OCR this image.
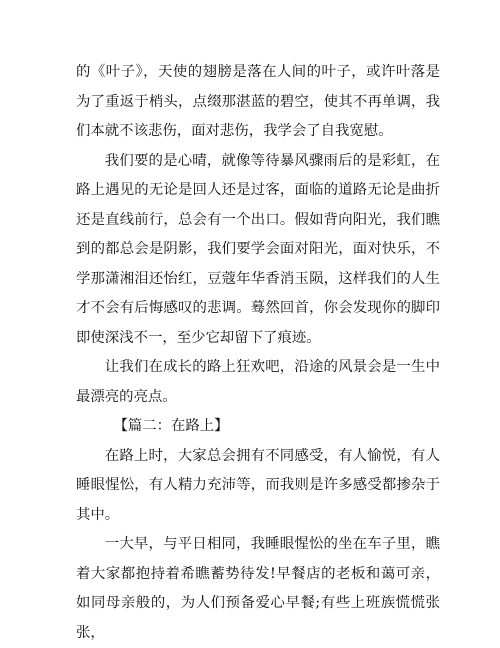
的《叶子》，天使的翅膀是落在人间的叶子，或许叶落是为了重返于梢头，点缀那湛蓝的碧空，使其不再单调，我们本就不该悲伤，面对悲伤，我学会了自我宽慰。

我们要的是心晴，就像等待暴风骤雨后的是彩虹，在路上遇见的无论是回人还是过客，面临的道路无论是曲折还是直线前行，总会有一个出口。假如背向阳光，我们瞧到的都总会是阴影，我们要学会面对阳光，面对快乐，不学那潇湘泪还怡红，豆蔻年华香消玉陨，这样我们的人生才不会有后悔感叹的悲调。蓦然回首，你会发现你的脚印即使深浅不一，至少它却留下了痕迹。

让我们在成长的路上狂欢吧，沿途的风景会是一生中最漂亮的亮点。

【篇二：在路上】

在路上时，大家总会拥有不同感受，有人愉悦，有人睡眼惺忪，有人精力充沛等，而我则是许多感受都掺杂于其中。

一大早，与平日相同，我睡眼惺忪的坐在车子里，瞧着大家都抱持着希瞧蓄势待发!早餐店的老板和蔼可亲，如同母亲般的，为人们预备爱心早餐;有些上班族慌慌张张，
